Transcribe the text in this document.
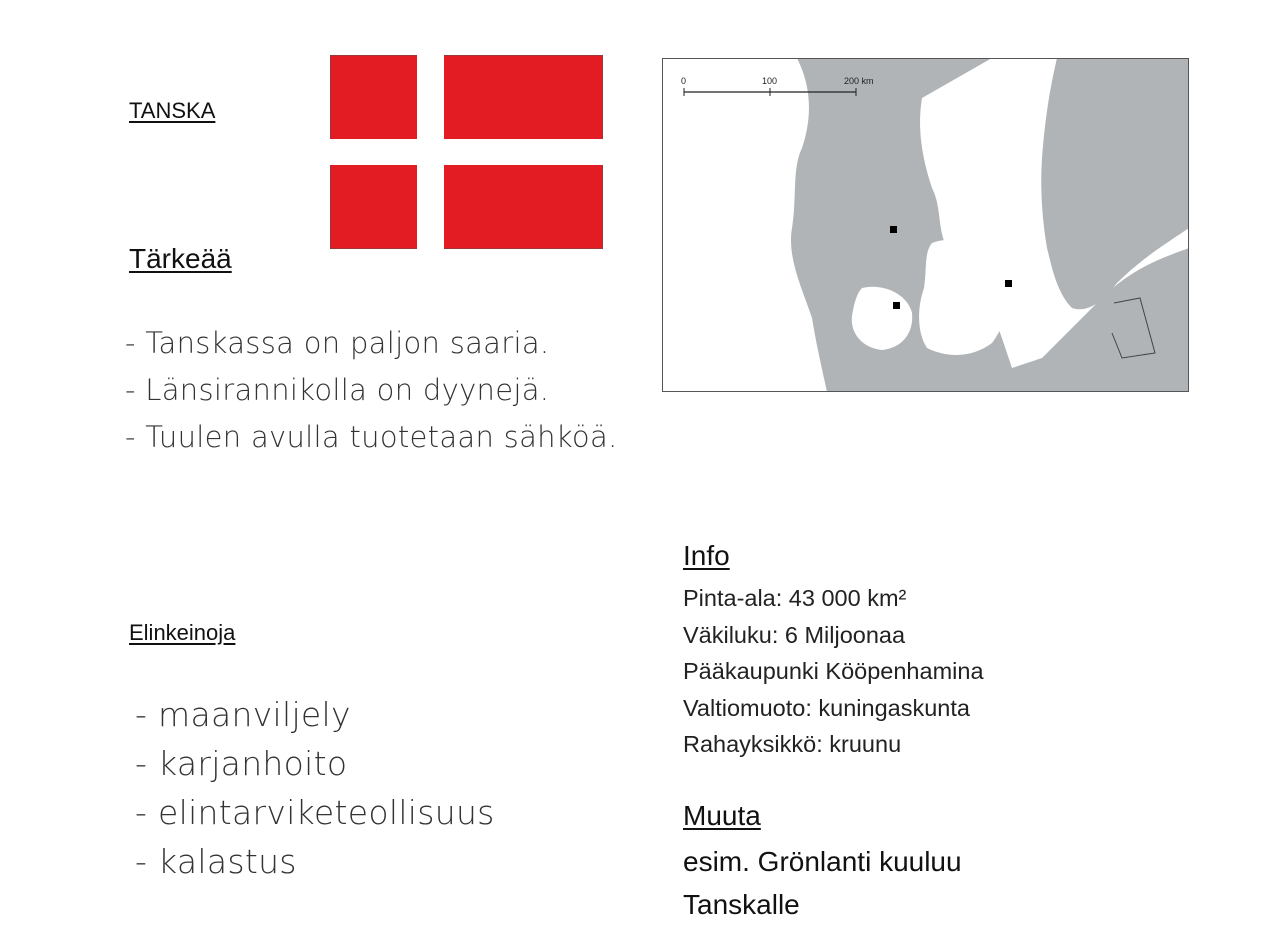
TANSKA
Tärkeää
- Tanskassa on paljon saaria.
- Länsirannikolla on dyynejä.
- Tuulen avulla tuotetaan sähköä.
0	100	200 km
Elinkeinoja
- maanviljely
- karjanhoito
- elintarviketeollisuus
- kalastus
Info
Pinta-ala: 43 000 km²
Väkiluku: 6 Miljoonaa
Pääkaupunki Kööpenhamina
Valtiomuoto: kuningaskunta
Rahayksikkö: kruunu
Muuta
esim. Grönlanti kuuluu Tanskalle
